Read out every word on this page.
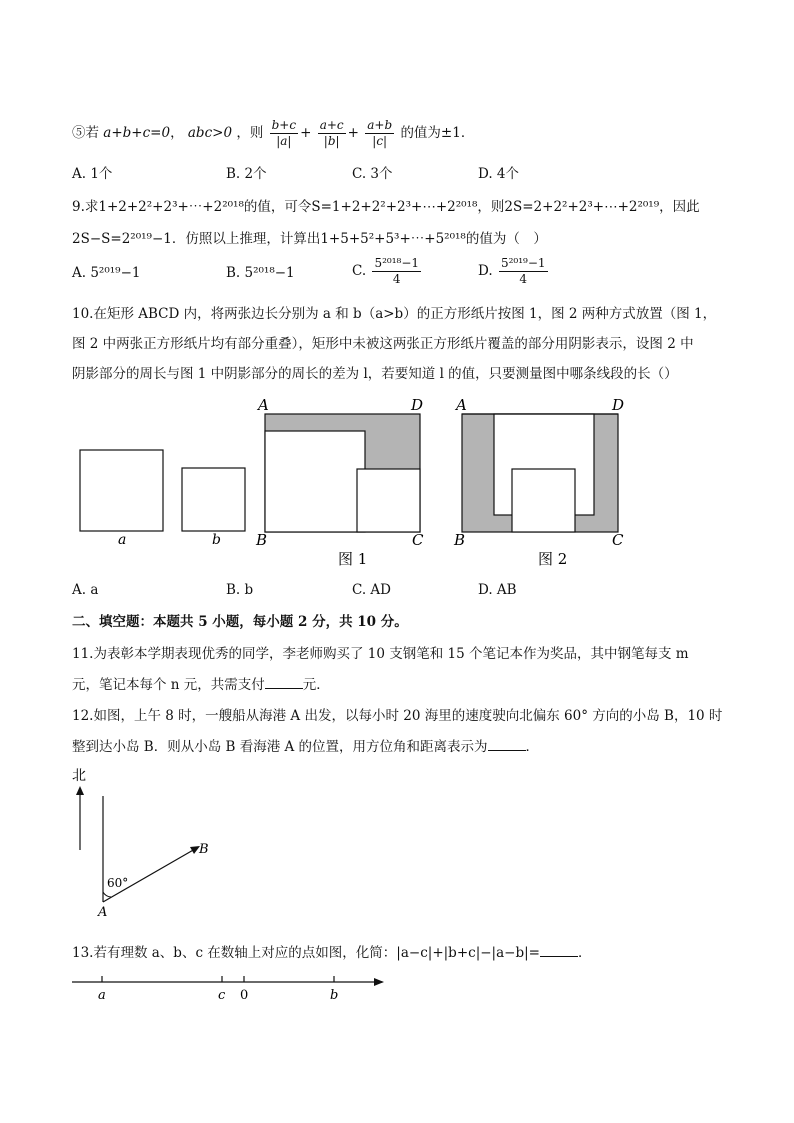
⑤若 a+b+c=0， abc>0 ，则 $\frac{b+c}{|a|} + \frac{a+c}{|b|} + \frac{a+b}{|c|}$ 的值为±1．
A. 1个	B. 2个	C. 3个	D. 4个
9.求1+2+2²+2³+⋯+2²⁰¹⁸的值，可令S=1+2+2²+2³+⋯+2²⁰¹⁸，则2S=2+2²+2³+⋯+2²⁰¹⁹，因此
2S−S=2²⁰¹⁹−1．仿照以上推理，计算出1+5+5²+5³+⋯+5²⁰¹⁸的值为（　）
A. 5²⁰¹⁹−1	B. 5²⁰¹⁸−1	C. $\frac{\text{5²⁰¹⁸−1}}{4}$	D. $\frac{\text{5²⁰¹⁹−1}}{4}$
10.在矩形 ABCD 内，将两张边长分别为 a 和 b（a>b）的正方形纸片按图 1，图 2 两种方式放置（图 1，
图 2 中两张正方形纸片均有部分重叠），矩形中未被这两张正方形纸片覆盖的部分用阴影表示，设图 2 中
阴影部分的周长与图 1 中阴影部分的周长的差为 l，若要知道 l 的值，只要测量图中哪条线段的长（）
a	b
A	D
B	C
图 1
A	D
B	C
图 2
A. a	B. b	C. AD	D. AB
二、填空题：本题共 5 小题，每小题 2 分，共 10 分。
11.为表彰本学期表现优秀的同学，李老师购买了 10 支钢笔和 15 个笔记本作为奖品，其中钢笔每支 m
元，笔记本每个 n 元，共需支付	元．
12.如图，上午 8 时，一艘船从海港 A 出发，以每小时 20 海里的速度驶向北偏东 60° 方向的小岛 B，10 时
整到达小岛 B．则从小岛 B 看海港 A 的位置，用方位角和距离表示为	．
北
60°
A
B
13.若有理数 a、b、c 在数轴上对应的点如图，化简：|a−c|+|b+c|−|a−b|=	．
a	c 0	b
